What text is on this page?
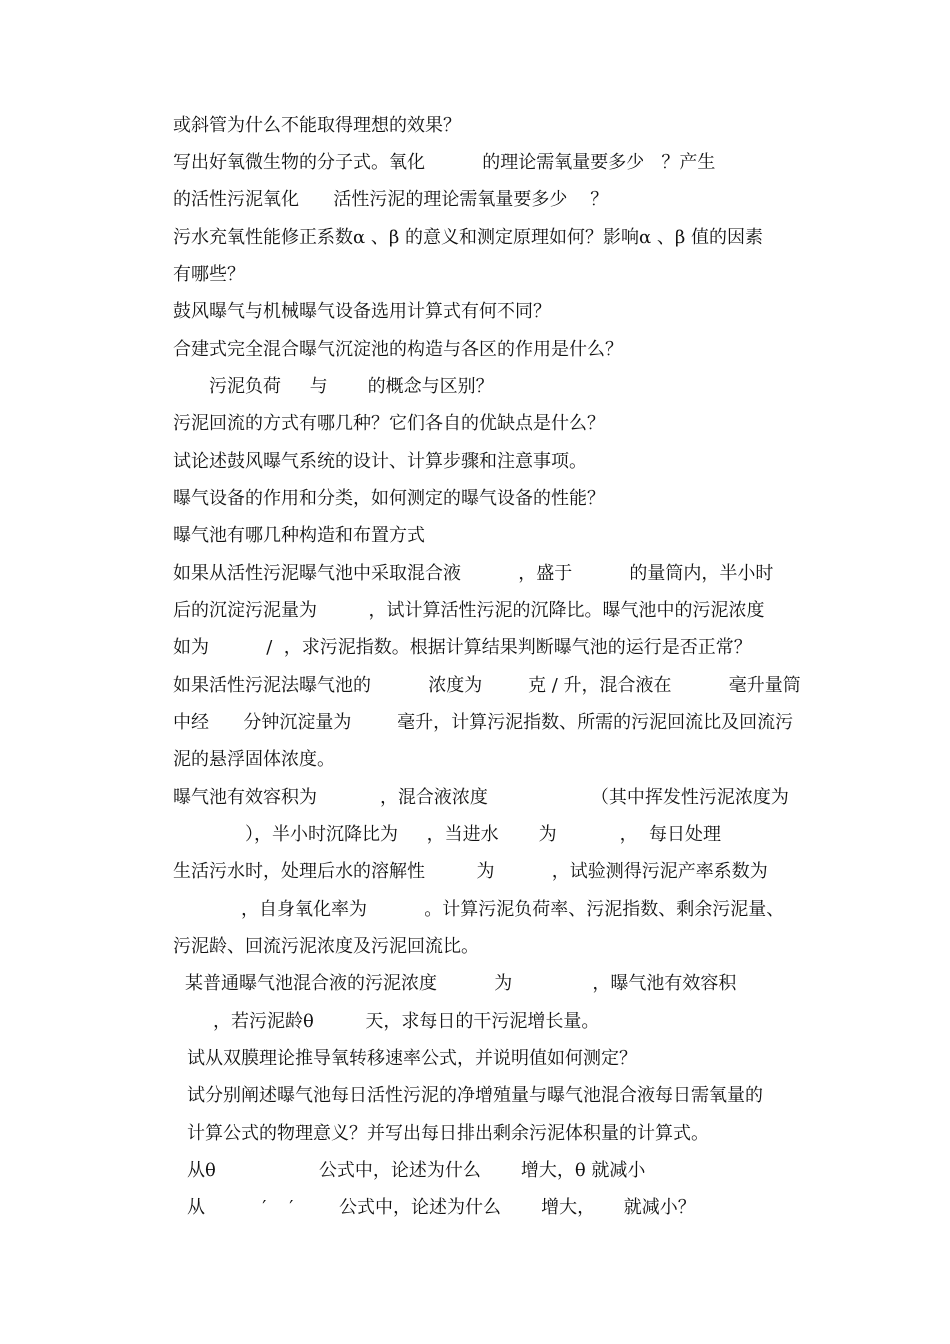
或斜管为什么不能取得理想的效果？
写出好氧微生物的分子式。氧化          的理论需氧量要多少   ？产生
的活性污泥氧化      活性污泥的理论需氧量要多少    ？
污水充氧性能修正系数α 、β 的意义和测定原理如何？影响α 、β 值的因素
有哪些？
鼓风曝气与机械曝气设备选用计算式有何不同？
合建式完全混合曝气沉淀池的构造与各区的作用是什么？
污泥负荷     与       的概念与区别？
污泥回流的方式有哪几种？它们各自的优缺点是什么？
试论述鼓风曝气系统的设计、计算步骤和注意事项。
曝气设备的作用和分类，如何测定的曝气设备的性能？
曝气池有哪几种构造和布置方式
如果从活性污泥曝气池中采取混合液          ，盛于          的量筒内，半小时
后的沉淀污泥量为         ，试计算活性污泥的沉降比。曝气池中的污泥浓度
如为          /  ，求污泥指数。根据计算结果判断曝气池的运行是否正常？
如果活性污泥法曝气池的          浓度为        克 / 升，混合液在          毫升量筒
中经      分钟沉淀量为        毫升，计算污泥指数、所需的污泥回流比及回流污
泥的悬浮固体浓度。
曝气池有效容积为           ，混合液浓度                  （其中挥发性污泥浓度为
），半小时沉降比为     ，当进水       为           ，  每日处理
生活污水时，处理后水的溶解性         为          ，试验测得污泥产率系数为
，自身氧化率为          。计算污泥负荷率、污泥指数、剩余污泥量、
污泥龄、回流污泥浓度及污泥回流比。
某普通曝气池混合液的污泥浓度          为              ，曝气池有效容积
，若污泥龄θ         天，求每日的干污泥增长量。
试从双膜理论推导氧转移速率公式，并说明值如何测定？
试分别阐述曝气池每日活性污泥的净增殖量与曝气池混合液每日需氧量的
计算公式的物理意义？并写出每日排出剩余污泥体积量的计算式。
从θ                  公式中，论述为什么       增大，θ 就减小
从          ′    ′        公式中，论述为什么       增大，     就减小？
